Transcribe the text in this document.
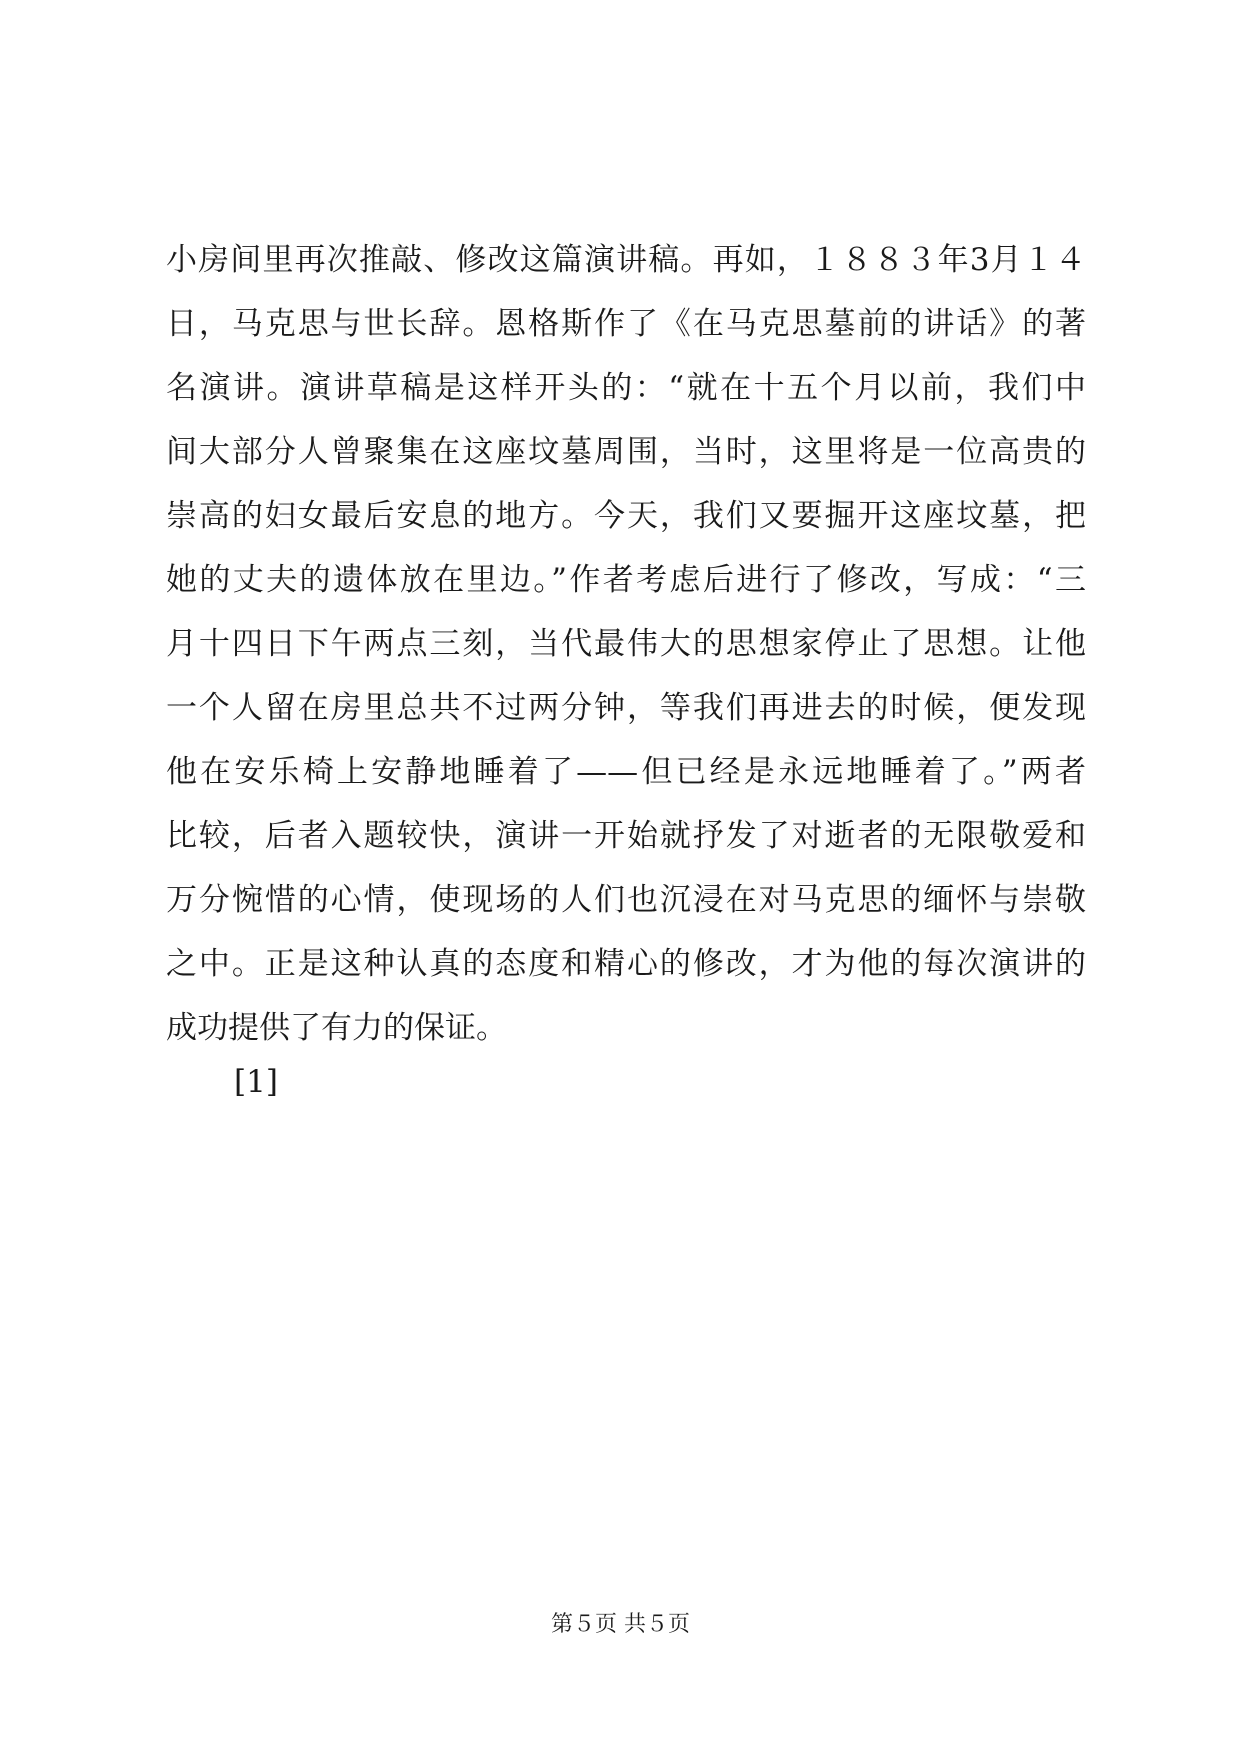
小房间里再次推敲、修改这篇演讲稿。再如，１８８３年3月１４
日，马克思与世长辞。恩格斯作了《在马克思墓前的讲话》的著
名演讲。演讲草稿是这样开头的：“就在十五个月以前，我们中
间大部分人曾聚集在这座坟墓周围，当时，这里将是一位高贵的
崇高的妇女最后安息的地方。今天，我们又要掘开这座坟墓，把
她的丈夫的遗体放在里边。”作者考虑后进行了修改，写成：“三
月十四日下午两点三刻，当代最伟大的思想家停止了思想。让他
一个人留在房里总共不过两分钟，等我们再进去的时候，便发现
他在安乐椅上安静地睡着了——但已经是永远地睡着了。”两者
比较，后者入题较快，演讲一开始就抒发了对逝者的无限敬爱和
万分惋惜的心情，使现场的人们也沉浸在对马克思的缅怀与崇敬
之中。正是这种认真的态度和精心的修改，才为他的每次演讲的
成功提供了有力的保证。
[1]
第５页 共５页
